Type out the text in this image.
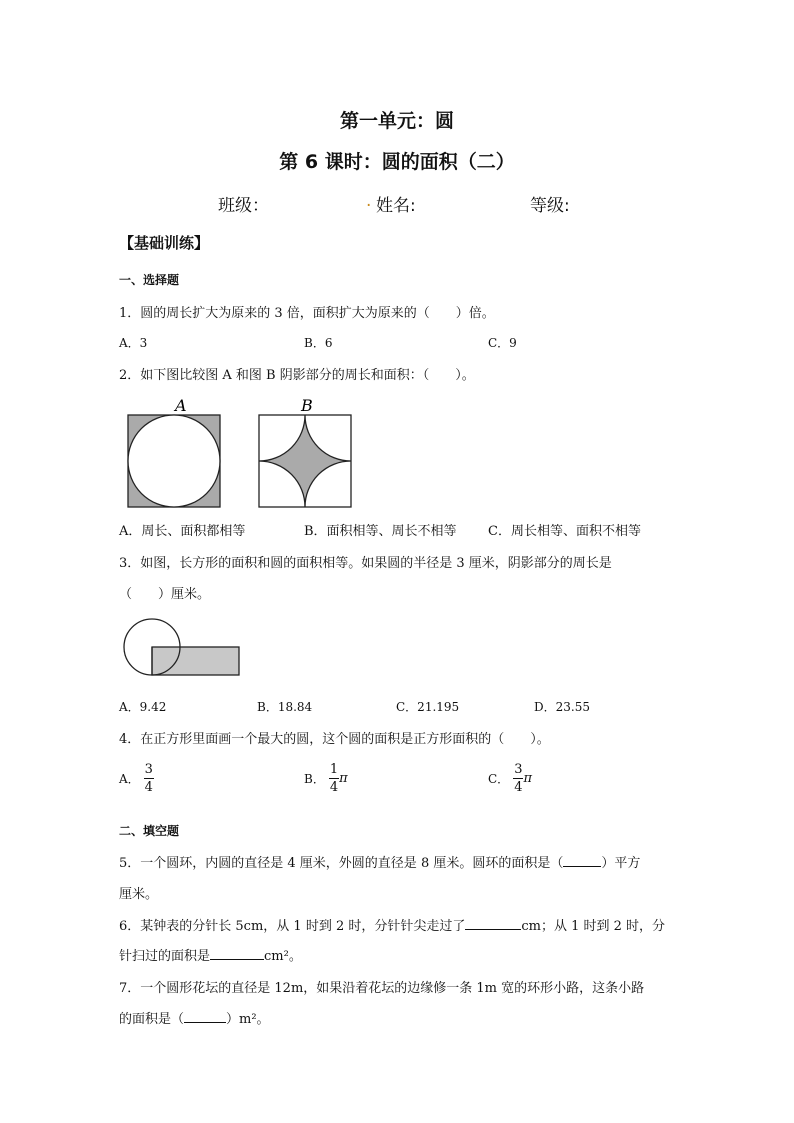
第一单元：圆
第 6 课时：圆的面积（二）
班级：	. 姓名:	等级:
【基础训练】
一、选择题
1．圆的周长扩大为原来的 3 倍，面积扩大为原来的（　　）倍。
A．3	B．6	C．9
2．如下图比较图 A 和图 B 阴影部分的周长和面积：（　　）。
A	B
A．周长、面积都相等	B．面积相等、周长不相等 C．周长相等、面积不相等
3．如图，长方形的面积和圆的面积相等。如果圆的半径是 3 厘米，阴影部分的周长是
（　　）厘米。
A．9.42	B．18.84	C．21.195	D．23.55
4．在正方形里面画一个最大的圆，这个圆的面积是正方形面积的（　　）。
A． $\frac{3}{4}$	B． $\frac{1}{4}$ π	C． $\frac{3}{4}$ π
二、填空题
5．一个圆环，内圆的直径是 4 厘米，外圆的直径是 8 厘米。圆环的面积是（	）平方
厘米。
6．某钟表的分针长 5cm，从 1 时到 2 时，分针针尖走过了	cm；从 1 时到 2 时，分
针扫过的面积是	cm²。
7．一个圆形花坛的直径是 12m，如果沿着花坛的边缘修一条 1m 宽的环形小路，这条小路
的面积是（	）m²。
